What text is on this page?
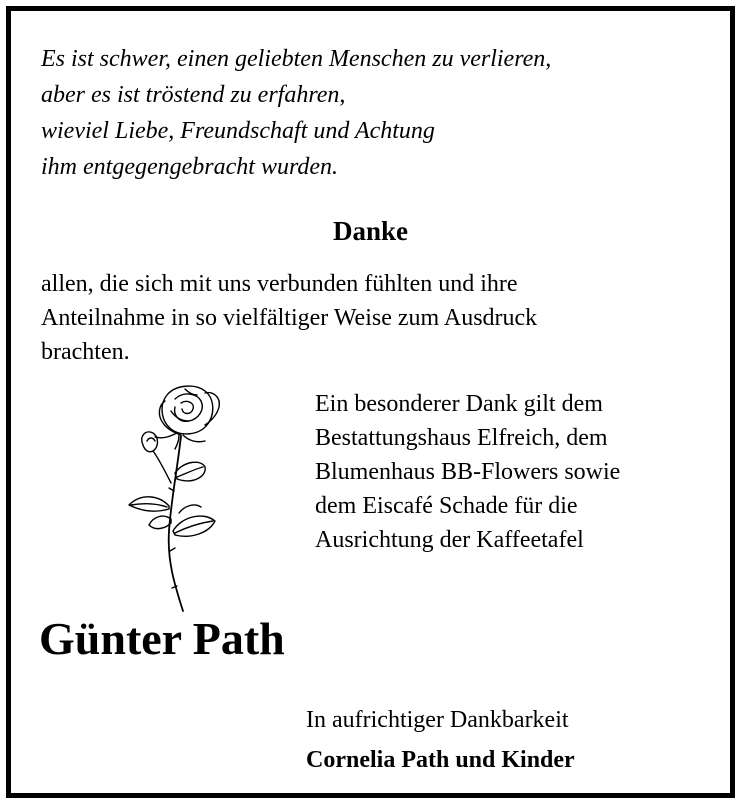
Es ist schwer, einen geliebten Menschen zu verlieren,
aber es ist tröstend zu erfahren,
wieviel Liebe, Freundschaft und Achtung
ihm entgegengebracht wurden.

Danke

allen, die sich mit uns verbunden fühlten und ihre
Anteilnahme in so vielfältiger Weise zum Ausdruck
brachten.

Ein besonderer Dank gilt dem
Bestattungshaus Elfreich, dem
Blumenhaus BB-Flowers sowie
dem Eiscafé Schade für die
Ausrichtung der Kaffeetafel

Günter Path

In aufrichtiger Dankbarkeit

Cornelia Path und Kinder
